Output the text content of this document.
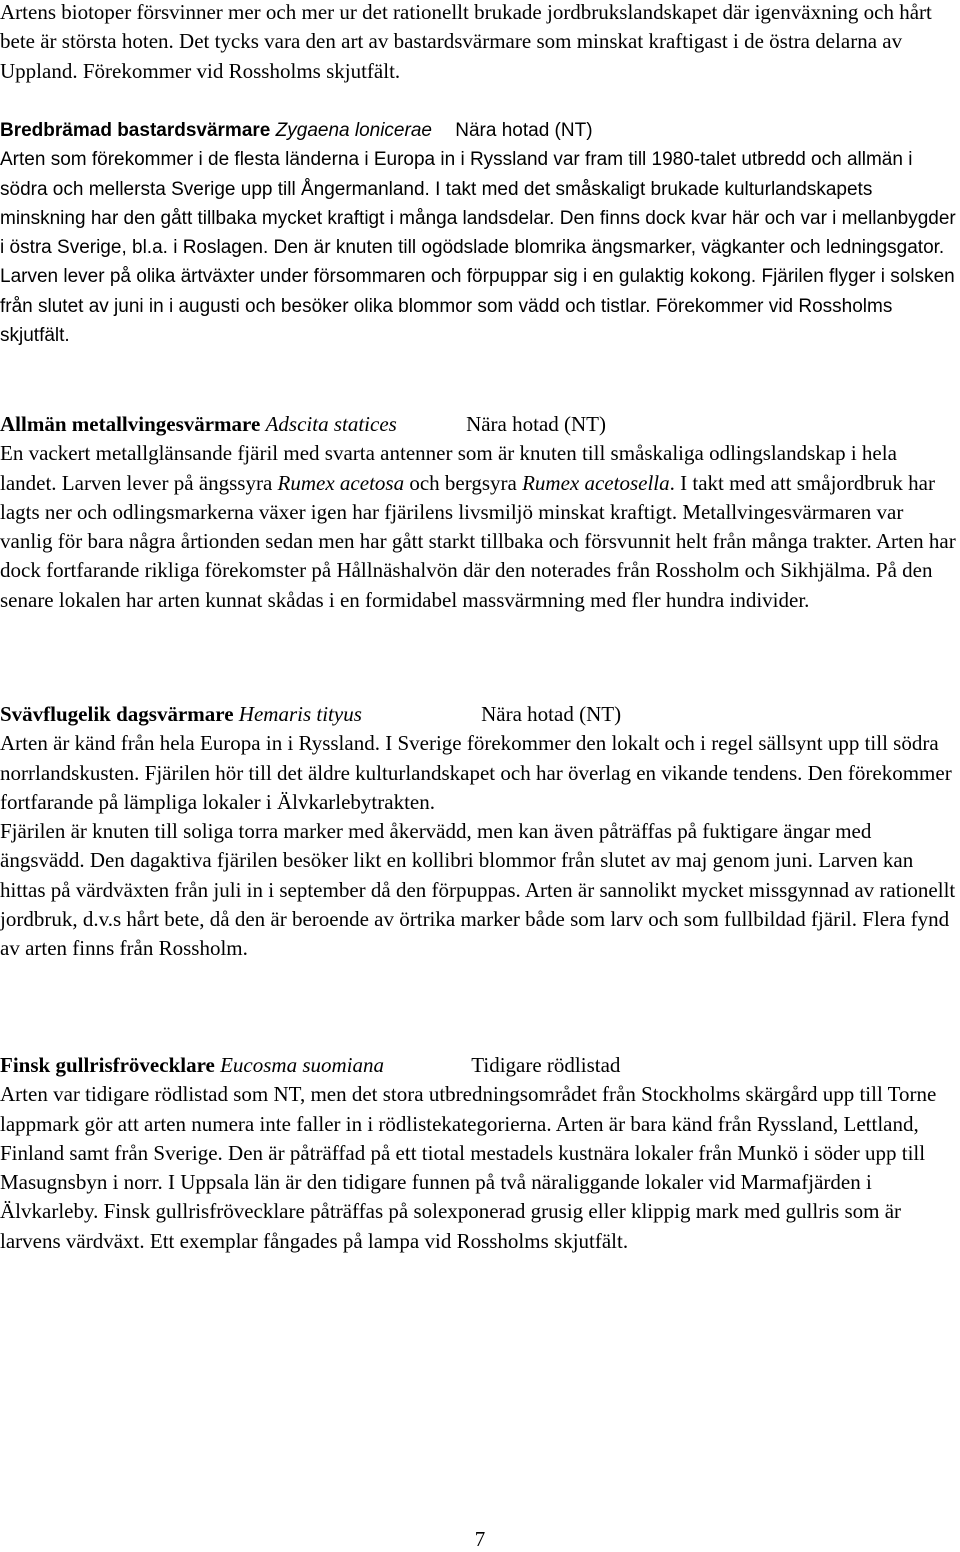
Artens biotoper försvinner mer och mer ur det rationellt brukade jordbrukslandskapet där igenväxning och hårt bete är största hoten. Det tycks vara den art av bastardsvärmare som minskat kraftigast i de östra delarna av Uppland. Förekommer vid Rossholms skjutfält.

Bredbrämad bastardsvärmare Zygaena lonicerae Nära hotad (NT)

Arten som förekommer i de flesta länderna i Europa in i Ryssland var fram till 1980-talet utbredd och allmän i södra och mellersta Sverige upp till Ångermanland. I takt med det småskaligt brukade kulturlandskapets minskning har den gått tillbaka mycket kraftigt i många landsdelar. Den finns dock kvar här och var i mellanbygder i östra Sverige, bl.a. i Roslagen. Den är knuten till ogödslade blomrika ängsmarker, vägkanter och ledningsgator. Larven lever på olika ärtväxter under försommaren och förpuppar sig i en gulaktig kokong. Fjärilen flyger i solsken från slutet av juni in i augusti och besöker olika blommor som vädd och tistlar. Förekommer vid Rossholms skjutfält.

Allmän metallvingesvärmare Adscita statices	Nära hotad (NT)

En vackert metallglänsande fjäril med svarta antenner som är knuten till småskaliga odlingslandskap i hela landet. Larven lever på ängssyra Rumex acetosa och bergsyra Rumex acetosella. I takt med att småjordbruk har lagts ner och odlingsmarkerna växer igen har fjärilens livsmiljö minskat kraftigt. Metallvingesvärmaren var vanlig för bara några årtionden sedan men har gått starkt tillbaka och försvunnit helt från många trakter. Arten har dock fortfarande rikliga förekomster på Hållnäshalvön där den noterades från Rossholm och Sikhjälma. På den senare lokalen har arten kunnat skådas i en formidabel massvärmning med fler hundra individer.

Svävflugelik dagsvärmare Hemaris tityus	Nära hotad (NT)

Arten är känd från hela Europa in i Ryssland. I Sverige förekommer den lokalt och i regel sällsynt upp till södra norrlandskusten. Fjärilen hör till det äldre kulturlandskapet och har överlag en vikande tendens. Den förekommer fortfarande på lämpliga lokaler i Älvkarlebytrakten.

Fjärilen är knuten till soliga torra marker med åkervädd, men kan även påträffas på fuktigare ängar med ängsvädd. Den dagaktiva fjärilen besöker likt en kollibri blommor från slutet av maj genom juni. Larven kan hittas på värdväxten från juli in i september då den förpuppas. Arten är sannolikt mycket missgynnad av rationellt jordbruk, d.v.s hårt bete, då den är beroende av örtrika marker både som larv och som fullbildad fjäril. Flera fynd av arten finns från Rossholm.

Finsk gullrisfrövecklare Eucosma suomiana	Tidigare rödlistad

Arten var tidigare rödlistad som NT, men det stora utbredningsområdet från Stockholms skärgård upp till Torne lappmark gör att arten numera inte faller in i rödlistekategorierna. Arten är bara känd från Ryssland, Lettland, Finland samt från Sverige. Den är påträffad på ett tiotal mestadels kustnära lokaler från Munkö i söder upp till Masugnsbyn i norr. I Uppsala län är den tidigare funnen på två näraliggande lokaler vid Marmafjärden i Älvkarleby. Finsk gullrisfrövecklare påträffas på solexponerad grusig eller klippig mark med gullris som är larvens värdväxt. Ett exemplar fångades på lampa vid Rossholms skjutfält.

7
